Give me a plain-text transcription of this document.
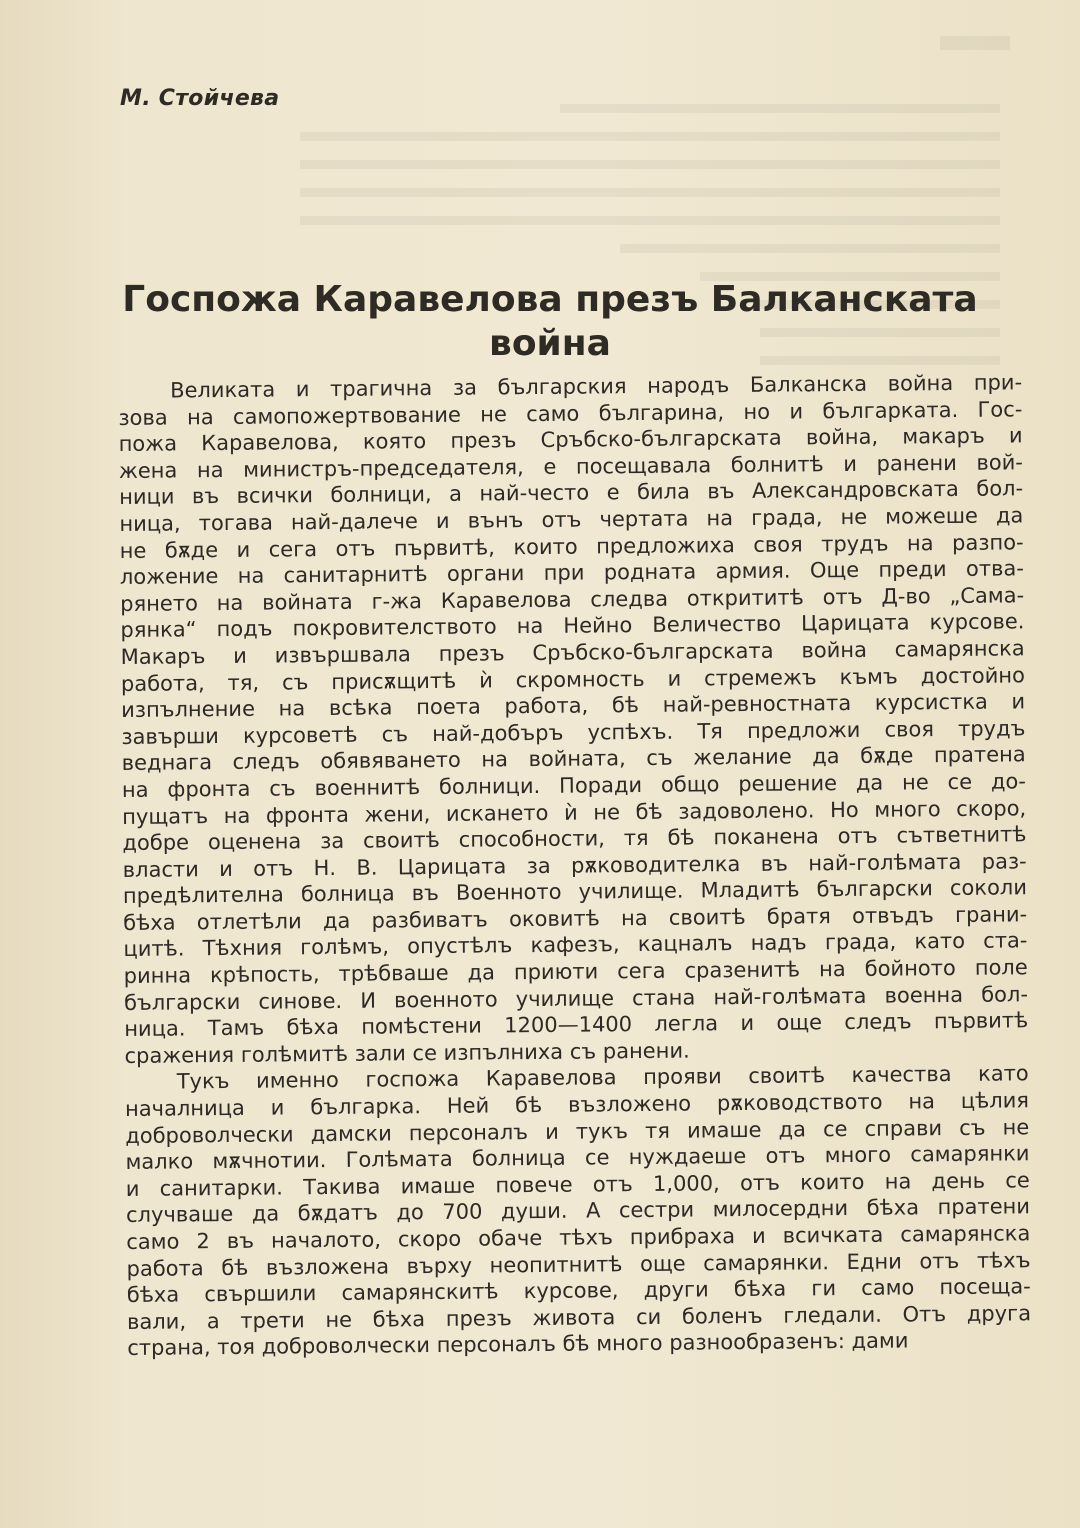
М. Стойчева
Госпожа Каравелова презъ Балканската
война
Великата и трагична за българския народъ Балканска война при-
зова на самопожертвование не само българина, но и българката. Гос-
пожа Каравелова, която презъ Сръбско-българската война, макаръ и
жена на министръ-председателя, е посещавала болнитѣ и ранени вой-
ници въ всички болници, а най-често е била въ Александровската бол-
ница, тогава най-далече и вънъ отъ чертата на града, не можеше да
не бѫде и сега отъ първитѣ, които предложиха своя трудъ на разпо-
ложение на санитарнитѣ органи при родната армия. Още преди отва-
рянето на войната г-жа Каравелова следва открититѣ отъ Д-во „Сама-
рянка“ подъ покровителството на Нейно Величество Царицата курсове.
Макаръ и извършвала презъ Сръбско-българската война самарянска
работа, тя, съ присѫщитѣ ѝ скромность и стремежъ къмъ достойно
изпълнение на всѣка поета работа, бѣ най-ревностната курсистка и
завърши курсоветѣ съ най-добъръ успѣхъ. Тя предложи своя трудъ
веднага следъ обявяването на войната, съ желание да бѫде пратена
на фронта съ военнитѣ болници. Поради общо решение да не се до-
пущатъ на фронта жени, искането ѝ не бѣ задоволено. Но много скоро,
добре оценена за своитѣ способности, тя бѣ поканена отъ сътветнитѣ
власти и отъ Н. В. Царицата за рѫководителка въ най-голѣмата раз-
предѣлителна болница въ Военното училище. Младитѣ български соколи
бѣха отлетѣли да разбиватъ оковитѣ на своитѣ братя отвъдъ грани-
цитѣ. Тѣхния голѣмъ, опустѣлъ кафезъ, кацналъ надъ града, като ста-
ринна крѣпость, трѣбваше да приюти сега сразенитѣ на бойното поле
български синове. И военното училище стана най-голѣмата военна бол-
ница. Тамъ бѣха помѣстени 1200—1400 легла и още следъ първитѣ
сражения голѣмитѣ зали се изпълниха съ ранени.
Тукъ именно госпожа Каравелова прояви своитѣ качества като
началница и българка. Ней бѣ възложено рѫководството на цѣлия
доброволчески дамски персоналъ и тукъ тя имаше да се справи съ не
малко мѫчнотии. Голѣмата болница се нуждаеше отъ много самарянки
и санитарки. Такива имаше повече отъ 1,000, отъ които на день се
случваше да бѫдатъ до 700 души. А сестри милосердни бѣха пратени
само 2 въ началото, скоро обаче тѣхъ прибраха и всичката самарянска
работа бѣ възложена върху неопитнитѣ още самарянки. Едни отъ тѣхъ
бѣха свършили самарянскитѣ курсове, други бѣха ги само посеща-
вали, а трети не бѣха презъ живота си боленъ гледали. Отъ друга
страна, тоя доброволчески персоналъ бѣ много разнообразенъ: дами
